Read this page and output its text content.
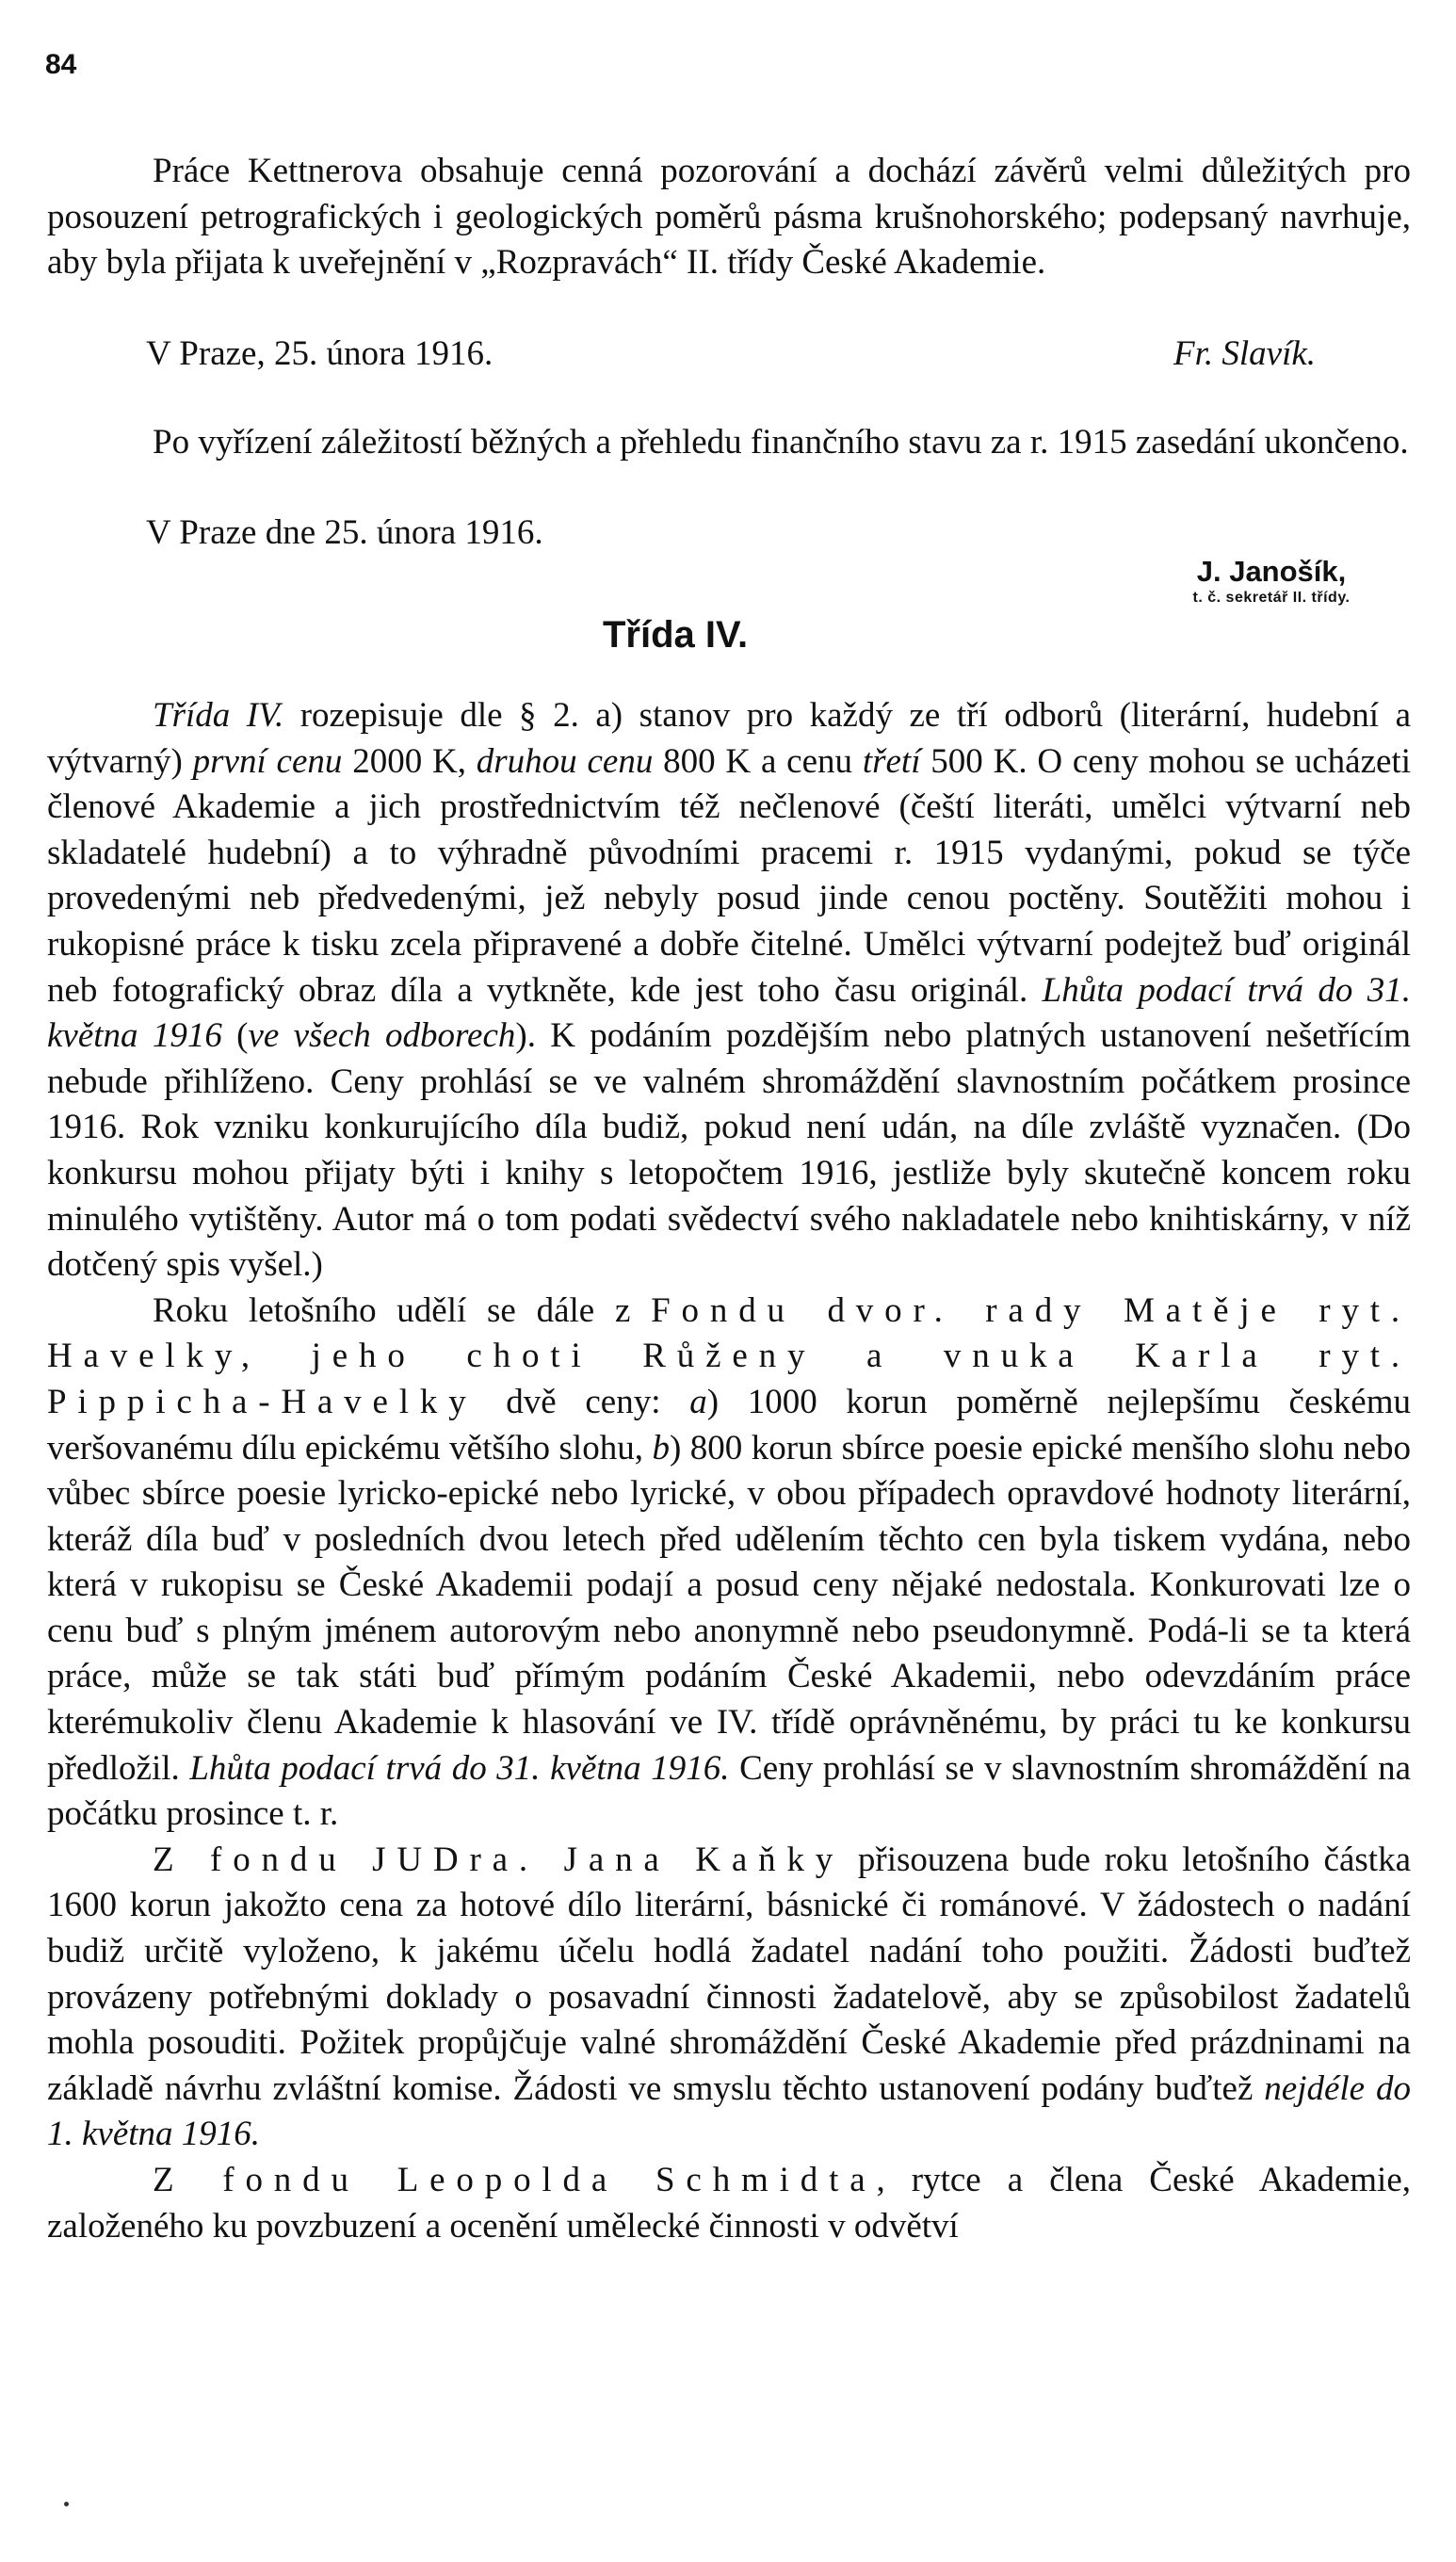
84

Práce Kettnerova obsahuje cenná pozorování a dochází závěrů velmi důležitých pro posouzení petrografických i geologických poměrů pásma krušnohorského; podepsaný navrhuje, aby byla přijata k uveřejnění v „Rozpravách“ II. třídy České Akademie.

V Praze, 25. února 1916.	Fr. Slavík.

Po vyřízení záležitostí běžných a přehledu finančního stavu za r. 1915 zasedání ukončeno.

V Praze dne 25. února 1916.
J. Janošík,
t. č. sekretář II. třídy.
Třída IV.

Třída IV. rozepisuje dle § 2. a) stanov pro každý ze tří odborů (literární, hudební a výtvarný) první cenu 2000 K, druhou cenu 800 K a cenu třetí 500 K. O ceny mohou se ucházeti členové Akademie a jich prostřednictvím též nečlenové (čeští literáti, umělci výtvarní neb skladatelé hudební) a to výhradně původními pracemi r. 1915 vydanými, pokud se týče provedenými neb předvedenými, jež nebyly posud jinde cenou poctěny. Soutěžiti mohou i rukopisné práce k tisku zcela připravené a dobře čitelné. Umělci výtvarní podejtež buď originál neb fotografický obraz díla a vytkněte, kde jest toho času originál. Lhůta podací trvá do 31. května 1916 (ve všech odborech). K podáním pozdějším nebo platných ustanovení nešetřícím nebude přihlíženo. Ceny prohlásí se ve valném shromáždění slavnostním počátkem prosince 1916. Rok vzniku konkurujícího díla budiž, pokud není udán, na díle zvláště vyznačen. (Do konkursu mohou přijaty býti i knihy s letopočtem 1916, jestliže byly skutečně koncem roku minulého vytištěny. Autor má o tom podati svědectví svého nakladatele nebo knihtiskárny, v níž dotčený spis vyšel.)

Roku letošního udělí se dále z Fondu dvor. rady Matěje ryt. Havelky, jeho choti Růženy a vnuka Karla ryt. Pippicha-Havelky dvě ceny: a) 1000 korun poměrně nejlepšímu českému veršovanému dílu epickému většího slohu, b) 800 korun sbírce poesie epické menšího slohu nebo vůbec sbírce poesie lyricko-epické nebo lyrické, v obou případech opravdové hodnoty literární, kteráž díla buď v posledních dvou letech před udělením těchto cen byla tiskem vydána, nebo která v rukopisu se České Akademii podají a posud ceny nějaké nedostala. Konkurovati lze o cenu buď s plným jménem autorovým nebo anonymně nebo pseudonymně. Podá-li se ta která práce, může se tak státi buď přímým podáním České Akademii, nebo odevzdáním práce kterémukoliv členu Akademie k hlasování ve IV. třídě oprávněnému, by práci tu ke konkursu předložil. Lhůta podací trvá do 31. května 1916. Ceny prohlásí se v slavnostním shromáždění na počátku prosince t. r.

Z fondu JUDra. Jana Kaňky přisouzena bude roku letošního částka 1600 korun jakožto cena za hotové dílo literární, básnické či románové. V žádostech o nadání budiž určitě vyloženo, k jakému účelu hodlá žadatel nadání toho použiti. Žádosti buďtež provázeny potřebnými doklady o posavadní činnosti žadatelově, aby se způsobilost žadatelů mohla posouditi. Požitek propůjčuje valné shromáždění České Akademie před prázdninami na základě návrhu zvláštní komise. Žádosti ve smyslu těchto ustanovení podány buďtež nejdéle do 1. května 1916.

Z fondu Leopolda Schmidta, rytce a člena České Akademie, založeného ku povzbuzení a ocenění umělecké činnosti v odvětví
